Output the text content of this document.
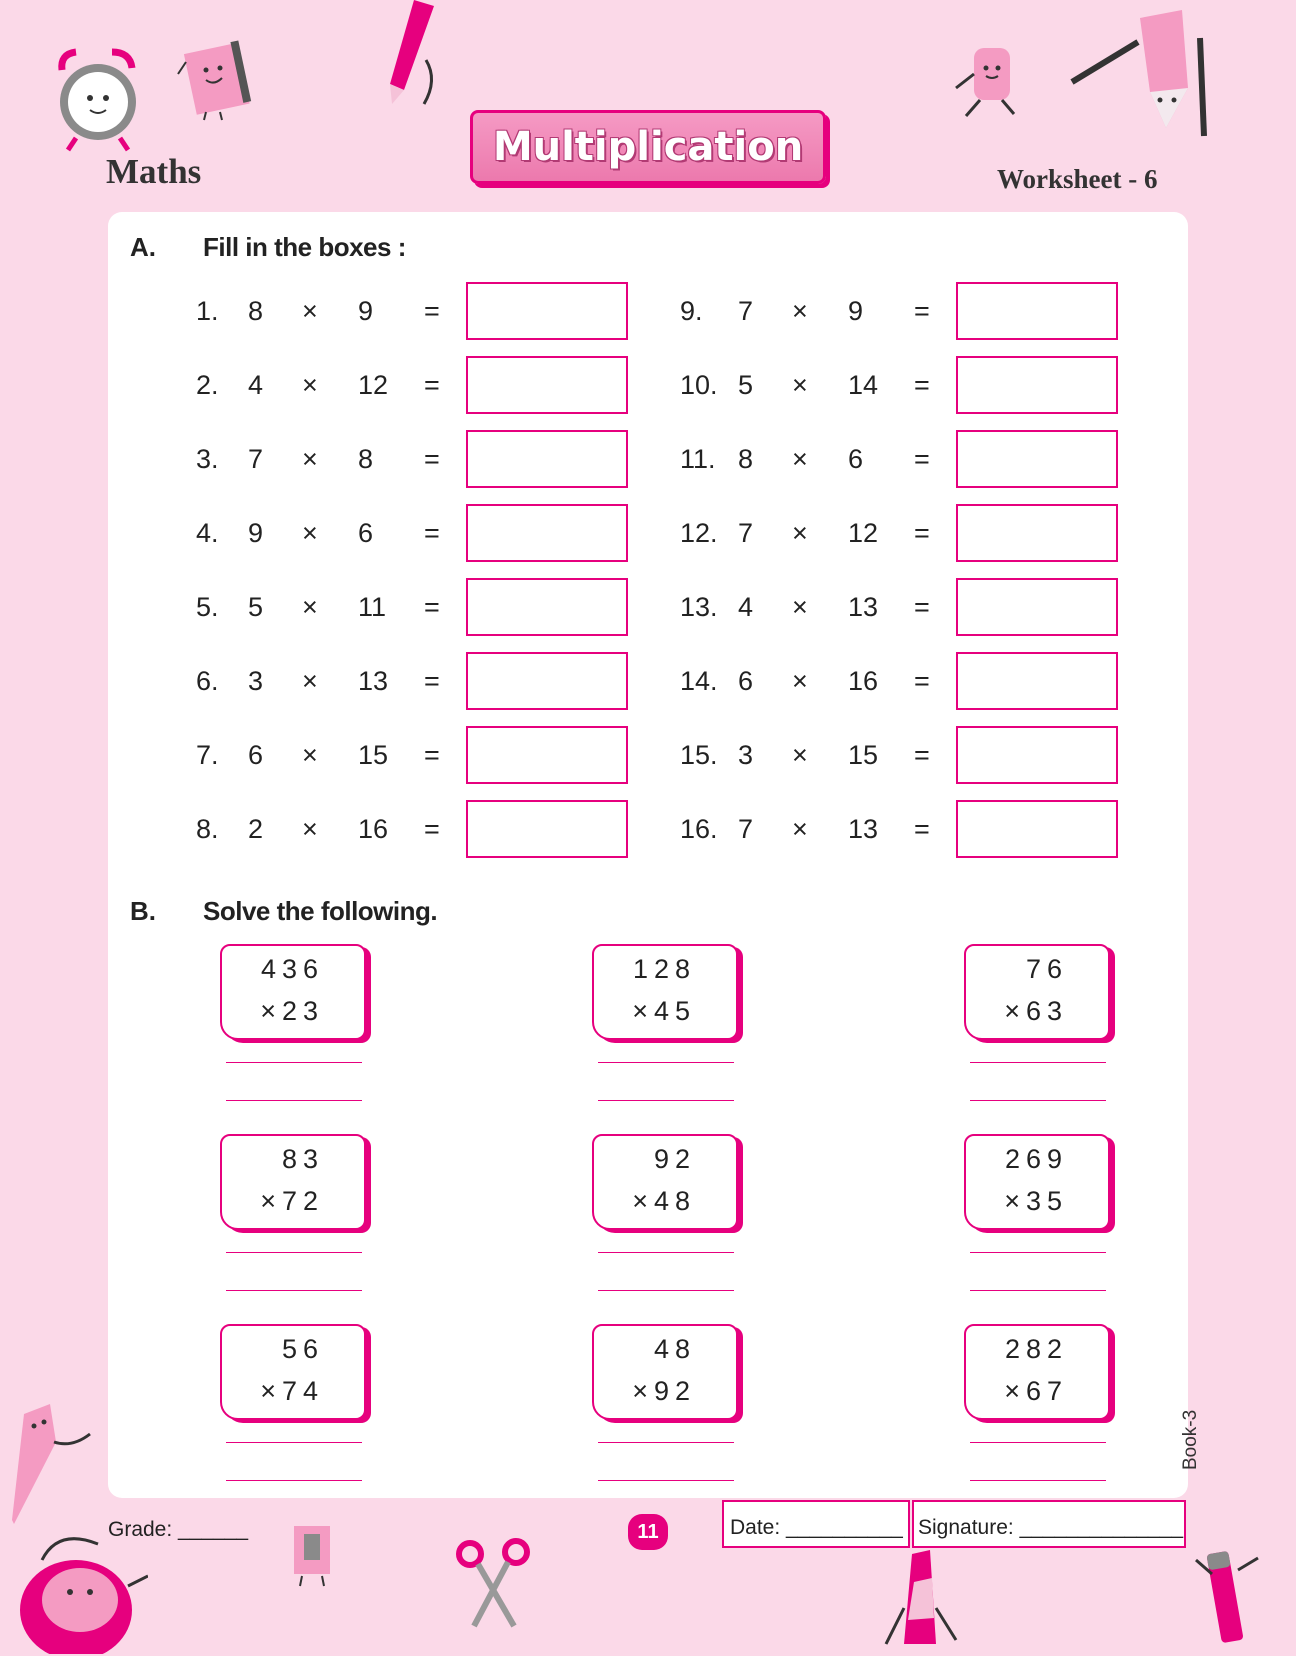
Maths
Multiplication
Worksheet - 6
A. Fill in the boxes :
1. 8 × 9 =
2. 4 × 12 =
3. 7 × 8 =
4. 9 × 6 =
5. 5 × 11 =
6. 3 × 13 =
7. 6 × 15 =
8. 2 × 16 =
9. 7 × 9 =
10. 5 × 14 =
11. 8 × 6 =
12. 7 × 12 =
13. 4 × 13 =
14. 6 × 16 =
15. 3 × 15 =
16. 7 × 13 =
B. Solve the following.
436
×23
128
×45
76
×63
83
×72
92
×48
269
×35
56
×74
48
×92
282
×67
Grade: ______	11	Date: __________ Signature: ______________
Book-3
